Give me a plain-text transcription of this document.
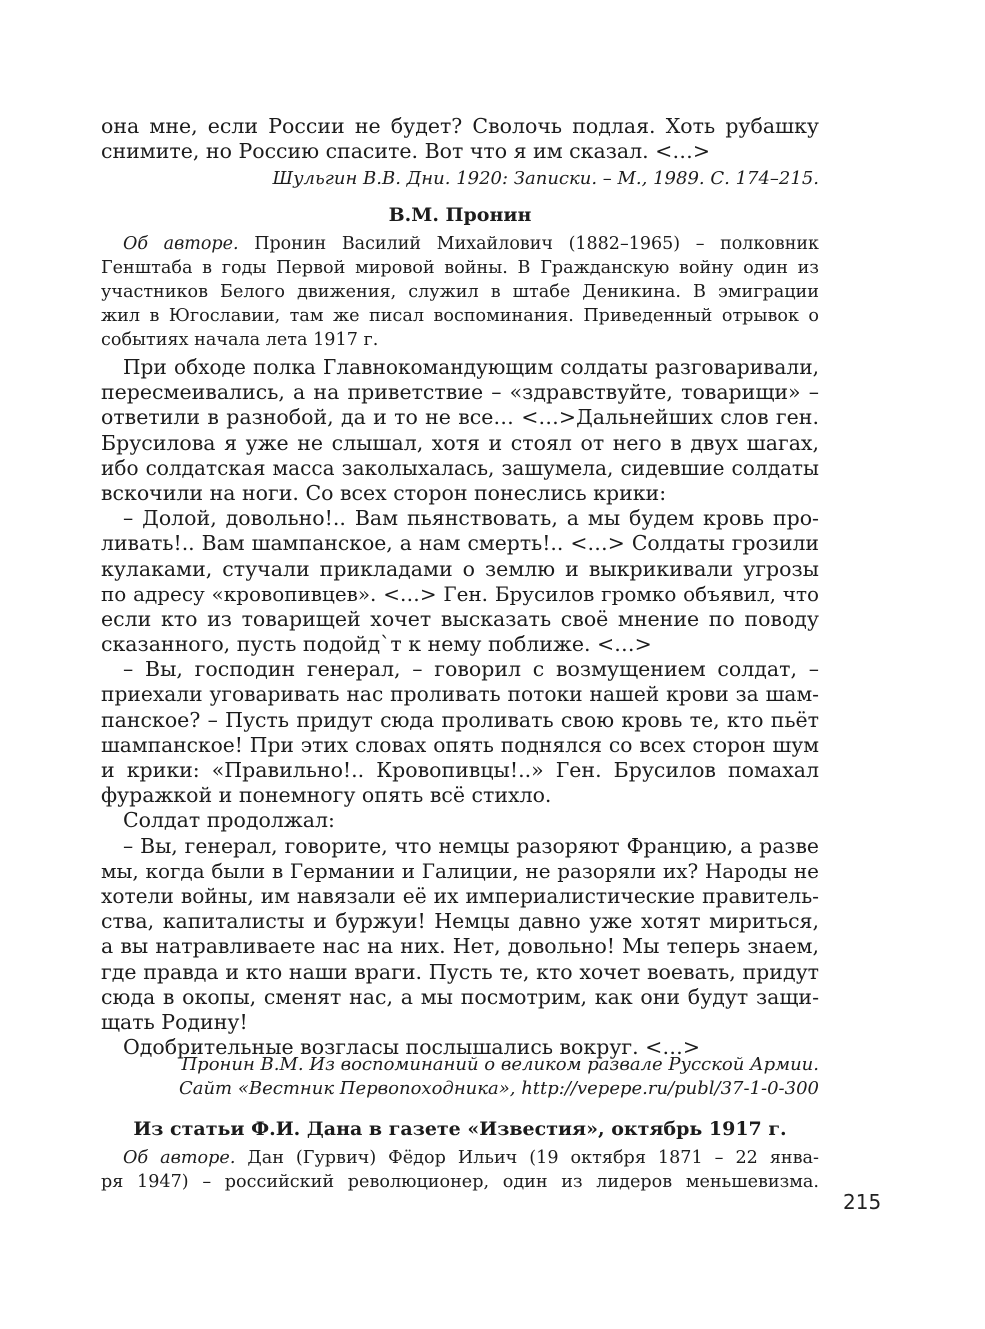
она мне, если России не будет? Сволочь подлая. Хоть рубашку
снимите, но Россию спасите. Вот что я им сказал. <…>
Шульгин В.В. Дни. 1920: Записки. – М., 1989. С. 174–215.
В.М. Пронин
Об авторе. Пронин Василий Михайлович (1882–1965) – полковник
Генштаба в годы Первой мировой войны. В Гражданскую войну один из
участников Белого движения, служил в штабе Деникина. В эмиграции
жил в Югославии, там же писал воспоминания. Приведенный отрывок о
событиях начала лета 1917 г.
При обходе полка Главнокомандующим солдаты разговаривали,
пересмеивались, а на приветствие – «здравствуйте, товарищи» –
ответили в разнобой, да и то не все… <…>Дальнейших слов ген.
Брусилова я уже не слышал, хотя и стоял от него в двух шагах,
ибо солдатская масса заколыхалась, зашумела, сидевшие солдаты
вскочили на ноги. Со всех сторон понеслись крики:
– Долой, довольно!.. Вам пьянствовать, а мы будем кровь про-
ливать!.. Вам шампанское, а нам смерть!.. <…> Солдаты грозили
кулаками, стучали прикладами о землю и выкрикивали угрозы
по адресу «кровопивцев». <…> Ген. Брусилов громко объявил, что
если кто из товарищей хочет высказать своё мнение по поводу
сказанного, пусть подойд`т к нему поближе. <…>
– Вы, господин генерал, – говорил с возмущением солдат, –
приехали уговаривать нас проливать потоки нашей крови за шам-
панское? – Пусть придут сюда проливать свою кровь те, кто пьёт
шампанское! При этих словах опять поднялся со всех сторон шум
и крики: «Правильно!.. Кровопивцы!..» Ген. Брусилов помахал
фуражкой и понемногу опять всё стихло.
Солдат продолжал:
– Вы, генерал, говорите, что немцы разоряют Францию, а разве
мы, когда были в Германии и Галиции, не разоряли их? Народы не
хотели войны, им навязали её их империалистические правитель-
ства, капиталисты и буржуи! Немцы давно уже хотят мириться,
а вы натравливаете нас на них. Нет, довольно! Мы теперь знаем,
где правда и кто наши враги. Пусть те, кто хочет воевать, придут
сюда в окопы, сменят нас, а мы посмотрим, как они будут защи-
щать Родину!
Одобрительные возгласы послышались вокруг. <…>
Пронин В.М. Из воспоминаний о великом развале Русской Армии.
Сайт «Вестник Первопоходника», http://vepepe.ru/publ/37-1-0-300
Из статьи Ф.И. Дана в газете «Известия», октябрь 1917 г.
Об авторе. Дан (Гурвич) Фёдор Ильич (19 октября 1871 – 22 янва-
ря 1947) – российский революционер, один из лидеров меньшевизма.
215
